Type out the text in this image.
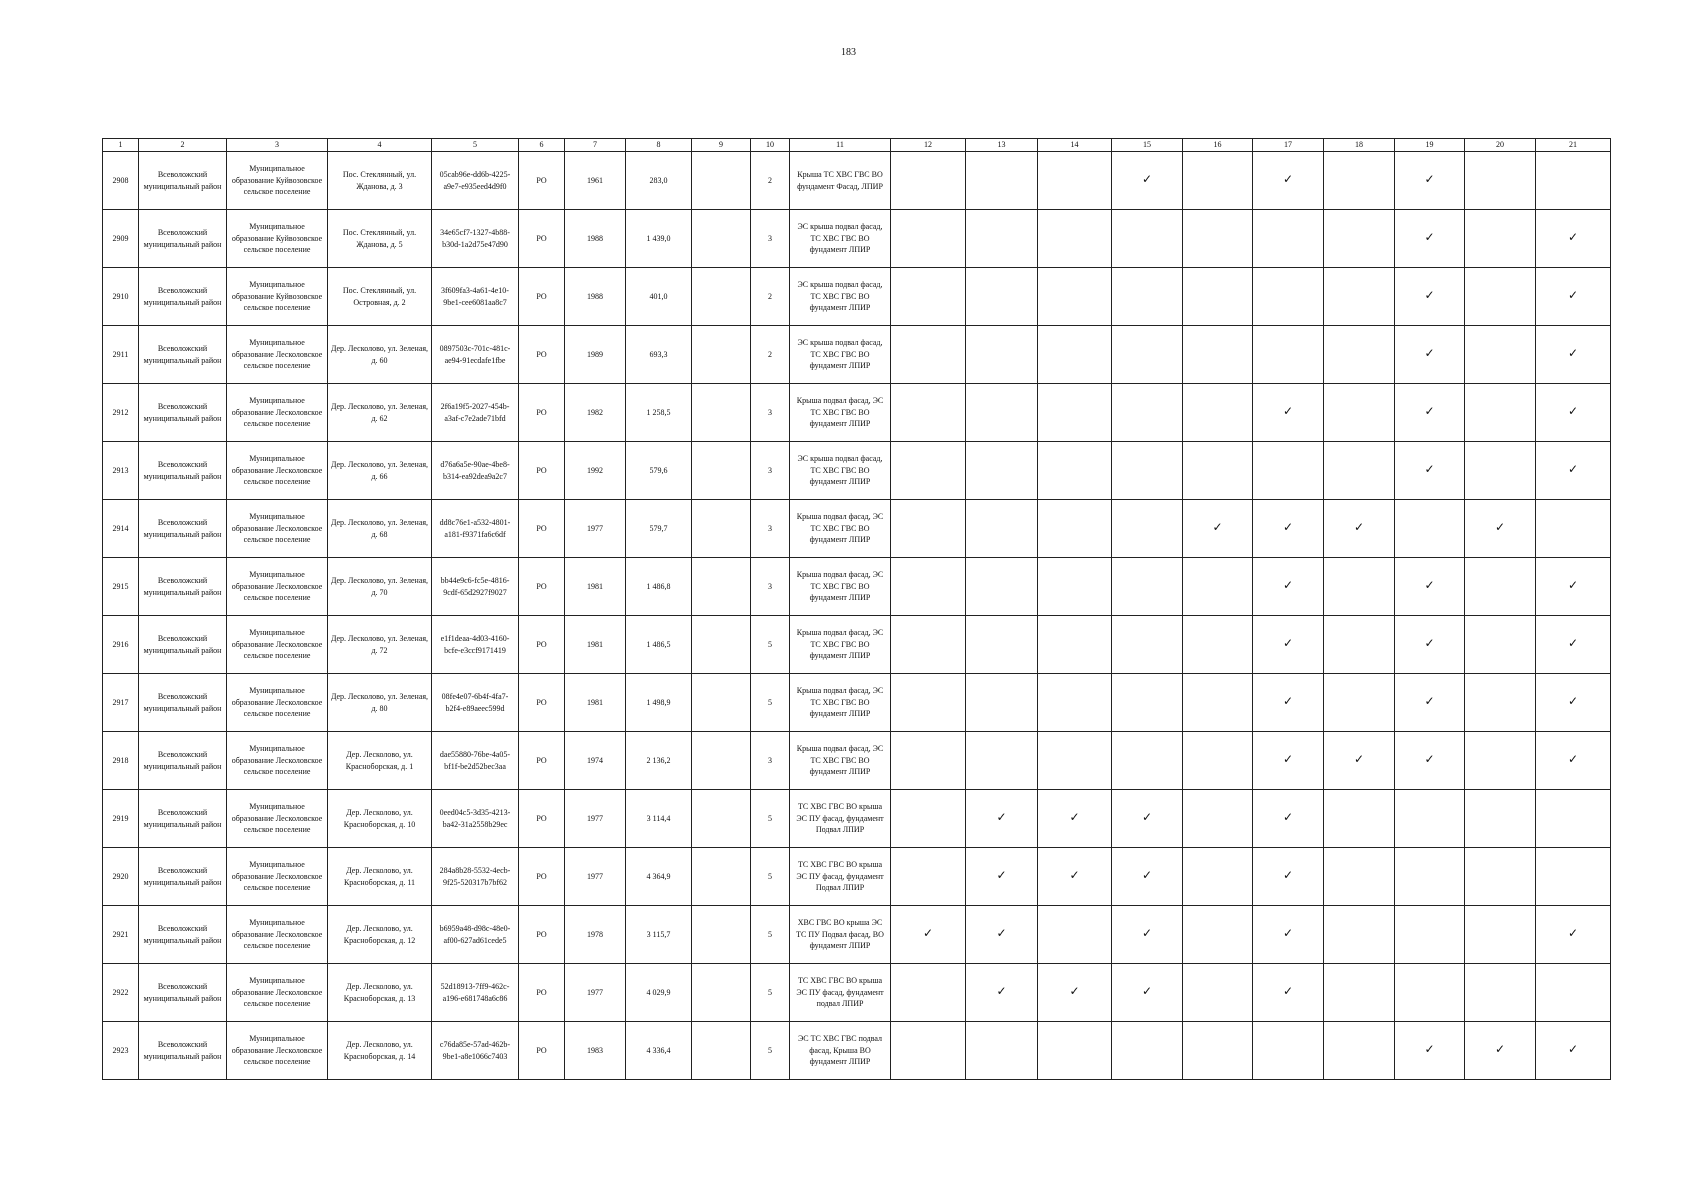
183
1	2	3	4	5	6	7	8	9	10	11	12	13	14	15	16	17	18	19	20	21
2908	Всеволожский муниципальный район	Муниципальное образование Куйвозовское сельское поселение	Пос. Стеклянный, ул. Жданова, д. 3	05cab96e-dd6b-4225-a9e7-e935eed4d9f0	РО	1961	283,0		2	Крыша ТС ХВС ГВС ВО фундамент Фасад, ЛПИР				✓		✓		✓		
2909	Всеволожский муниципальный район	Муниципальное образование Куйвозовское сельское поселение	Пос. Стеклянный, ул. Жданова, д. 5	34e65cf7-1327-4b88-b30d-1a2d75e47d90	РО	1988	1 439,0		3	ЭС крыша подвал фасад, ТС ХВС ГВС ВО фундамент ЛПИР								✓		✓
2910	Всеволожский муниципальный район	Муниципальное образование Куйвозовское сельское поселение	Пос. Стеклянный, ул. Островная, д. 2	3f609fa3-4a61-4e10-9be1-cee6081aa8c7	РО	1988	401,0		2	ЭС крыша подвал фасад, ТС ХВС ГВС ВО фундамент ЛПИР								✓		✓
2911	Всеволожский муниципальный район	Муниципальное образование Лесколовское сельское поселение	Дер. Лесколово, ул. Зеленая, д. 60	0897503c-701c-481c-ae94-91ecdafe1fbe	РО	1989	693,3		2	ЭС крыша подвал фасад, ТС ХВС ГВС ВО фундамент ЛПИР								✓		✓
2912	Всеволожский муниципальный район	Муниципальное образование Лесколовское сельское поселение	Дер. Лесколово, ул. Зеленая, д. 62	2f6a19f5-2027-454b-a3af-c7e2ade71bfd	РО	1982	1 258,5		3	Крыша подвал фасад, ЭС ТС ХВС ГВС ВО фундамент ЛПИР						✓		✓		✓
2913	Всеволожский муниципальный район	Муниципальное образование Лесколовское сельское поселение	Дер. Лесколово, ул. Зеленая, д. 66	d76a6a5e-90ae-4be8-b314-ea92dea9a2c7	РО	1992	579,6		3	ЭС крыша подвал фасад, ТС ХВС ГВС ВО фундамент ЛПИР								✓		✓
2914	Всеволожский муниципальный район	Муниципальное образование Лесколовское сельское поселение	Дер. Лесколово, ул. Зеленая, д. 68	dd8c76e1-a532-4801-a181-f9371fa6c6df	РО	1977	579,7		3	Крыша подвал фасад, ЭС ТС ХВС ГВС ВО фундамент ЛПИР					✓	✓	✓		✓	
2915	Всеволожский муниципальный район	Муниципальное образование Лесколовское сельское поселение	Дер. Лесколово, ул. Зеленая, д. 70	bb44e9c6-fc5e-4816-9cdf-65d2927f9027	РО	1981	1 486,8		3	Крыша подвал фасад, ЭС ТС ХВС ГВС ВО фундамент ЛПИР						✓		✓		✓
2916	Всеволожский муниципальный район	Муниципальное образование Лесколовское сельское поселение	Дер. Лесколово, ул. Зеленая, д. 72	e1f1deaa-4d03-4160-bcfe-e3ccf9171419	РО	1981	1 486,5		5	Крыша подвал фасад, ЭС ТС ХВС ГВС ВО фундамент ЛПИР						✓		✓		✓
2917	Всеволожский муниципальный район	Муниципальное образование Лесколовское сельское поселение	Дер. Лесколово, ул. Зеленая, д. 80	08fe4e07-6b4f-4fa7-b2f4-e89aeec599d	РО	1981	1 498,9		5	Крыша подвал фасад, ЭС ТС ХВС ГВС ВО фундамент ЛПИР						✓		✓		✓
2918	Всеволожский муниципальный район	Муниципальное образование Лесколовское сельское поселение	Дер. Лесколово, ул. Красноборская, д. 1	dae55880-76be-4a05-bf1f-be2d52bec3aa	РО	1974	2 136,2		3	Крыша подвал фасад, ЭС ТС ХВС ГВС ВО фундамент ЛПИР						✓	✓	✓		✓
2919	Всеволожский муниципальный район	Муниципальное образование Лесколовское сельское поселение	Дер. Лесколово, ул. Красноборская, д. 10	0eed04c5-3d35-4213-ba42-31a2558b29ec	РО	1977	3 114,4		5	ТС ХВС ГВС ВО крыша ЭС ПУ фасад, фундамент Подвал ЛПИР		✓	✓	✓		✓				
2920	Всеволожский муниципальный район	Муниципальное образование Лесколовское сельское поселение	Дер. Лесколово, ул. Красноборская, д. 11	284a8b28-5532-4ecb-9f25-520317b7bf62	РО	1977	4 364,9		5	ТС ХВС ГВС ВО крыша ЭС ПУ фасад, фундамент Подвал ЛПИР		✓	✓	✓		✓				
2921	Всеволожский муниципальный район	Муниципальное образование Лесколовское сельское поселение	Дер. Лесколово, ул. Красноборская, д. 12	b6959a48-d98c-48e0-af00-627ad61cede5	РО	1978	3 115,7		5	ХВС ГВС ВО крыша ЭС ТС ПУ Подвал фасад, ВО фундамент ЛПИР	✓	✓		✓		✓				✓
2922	Всеволожский муниципальный район	Муниципальное образование Лесколовское сельское поселение	Дер. Лесколово, ул. Красноборская, д. 13	52d18913-7ff9-462c-a196-e681748a6c86	РО	1977	4 029,9		5	ТС ХВС ГВС ВО крыша ЭС ПУ фасад, фундамент подвал ЛПИР		✓	✓	✓		✓				
2923	Всеволожский муниципальный район	Муниципальное образование Лесколовское сельское поселение	Дер. Лесколово, ул. Красноборская, д. 14	c76da85e-57ad-462b-9be1-a8e1066c7403	РО	1983	4 336,4		5	ЭС ТС ХВС ГВС подвал фасад, Крыша ВО фундамент ЛПИР								✓	✓	✓
